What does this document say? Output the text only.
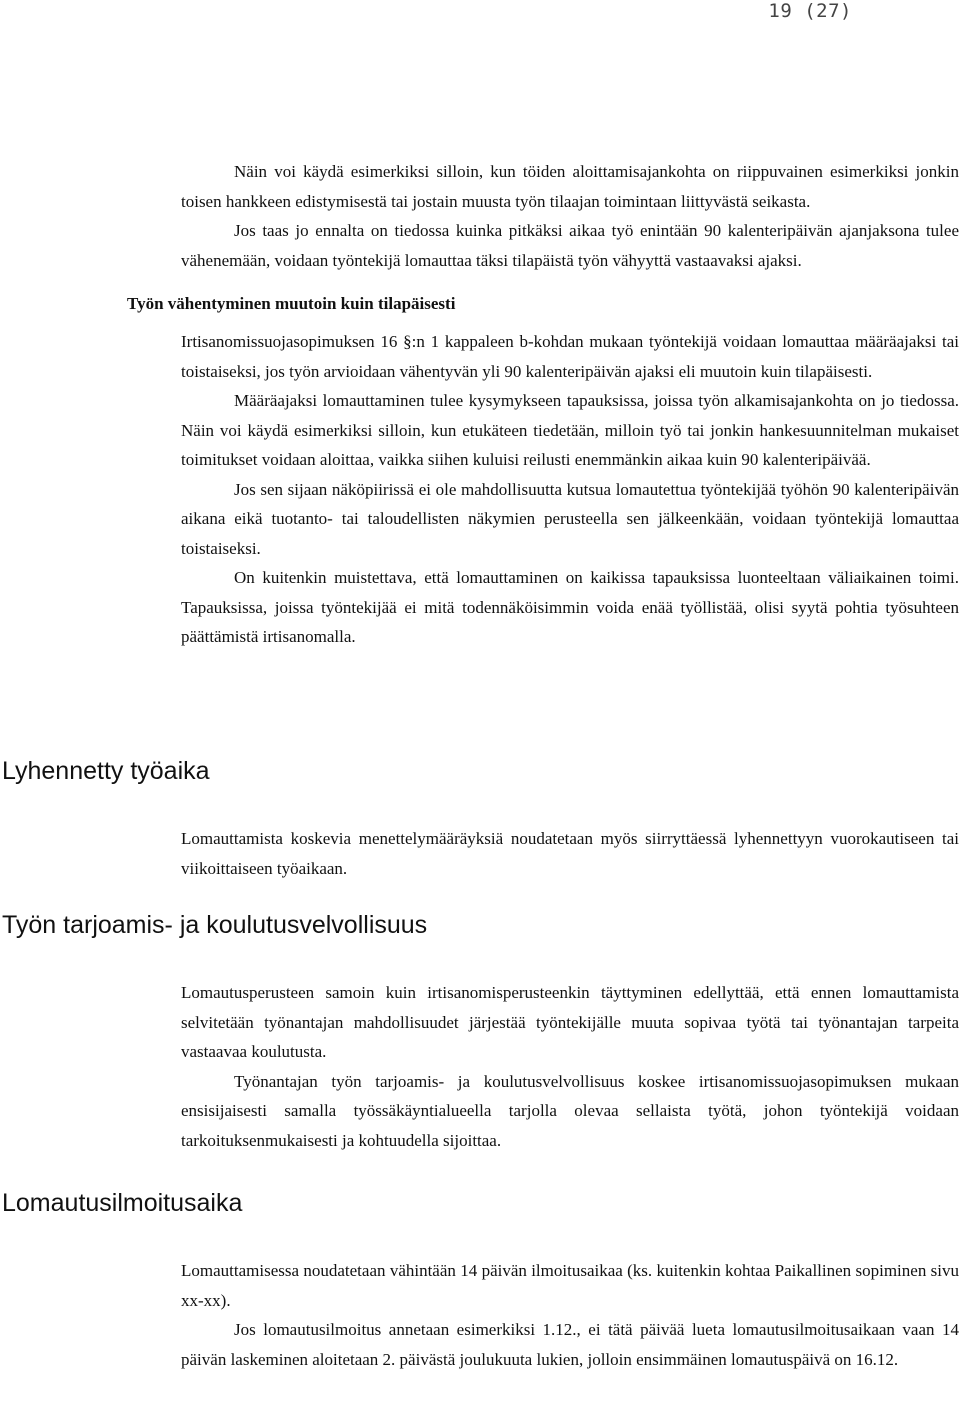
19 (27)

Näin voi käydä esimerkiksi silloin, kun töiden aloittamisajankohta on riippuvainen esimerkiksi jonkin toisen hankkeen edistymisestä tai jostain muusta työn tilaajan toimintaan liittyvästä seikasta.

Jos taas jo ennalta on tiedossa kuinka pitkäksi aikaa työ enintään 90 kalenteripäivän ajanjaksona tulee vähenemään, voidaan työntekijä lomauttaa täksi tilapäistä työn vähyyttä vastaavaksi ajaksi.

Työn vähentyminen muutoin kuin tilapäisesti

Irtisanomissuojasopimuksen 16 §:n 1 kappaleen b-kohdan mukaan työntekijä voidaan lomauttaa määräajaksi tai toistaiseksi, jos työn arvioidaan vähentyvän yli 90 kalenteripäivän ajaksi eli muutoin kuin tilapäisesti.

Määräajaksi lomauttaminen tulee kysymykseen tapauksissa, joissa työn alkamisajankohta on jo tiedossa. Näin voi käydä esimerkiksi silloin, kun etukäteen tiedetään, milloin työ tai jonkin hankesuunnitelman mukaiset toimitukset voidaan aloittaa, vaikka siihen kuluisi reilusti enemmänkin aikaa kuin 90 kalenteripäivää.

Jos sen sijaan näköpiirissä ei ole mahdollisuutta kutsua lomautettua työntekijää työhön 90 kalenteripäivän aikana eikä tuotanto- tai taloudellisten näkymien perusteella sen jälkeenkään, voidaan työntekijä lomauttaa toistaiseksi.

On kuitenkin muistettava, että lomauttaminen on kaikissa tapauksissa luonteeltaan väliaikainen toimi. Tapauksissa, joissa työntekijää ei mitä todennäköisimmin voida enää työllistää, olisi syytä pohtia työsuhteen päättämistä irtisanomalla.

Lyhennetty työaika

Lomauttamista koskevia menettelymääräyksiä noudatetaan myös siirryttäessä lyhennettyyn vuorokautiseen tai viikoittaiseen työaikaan.

Työn tarjoamis- ja koulutusvelvollisuus

Lomautusperusteen samoin kuin irtisanomisperusteenkin täyttyminen edellyttää, että ennen lomauttamista selvitetään työnantajan mahdollisuudet järjestää työntekijälle muuta sopivaa työtä tai työnantajan tarpeita vastaavaa koulutusta.

Työnantajan työn tarjoamis- ja koulutusvelvollisuus koskee irtisanomissuojasopimuksen mukaan ensisijaisesti samalla työssäkäyntialueella tarjolla olevaa sellaista työtä, johon työntekijä voidaan tarkoituksenmukaisesti ja kohtuudella sijoittaa.

Lomautusilmoitusaika

Lomauttamisessa noudatetaan vähintään 14 päivän ilmoitusaikaa (ks. kuitenkin kohtaa Paikallinen sopiminen sivu xx-xx).

Jos lomautusilmoitus annetaan esimerkiksi 1.12., ei tätä päivää lueta lomautusilmoitusaikaan vaan 14 päivän laskeminen aloitetaan 2. päivästä joulukuuta lukien, jolloin ensimmäinen lomautuspäivä on 16.12.
